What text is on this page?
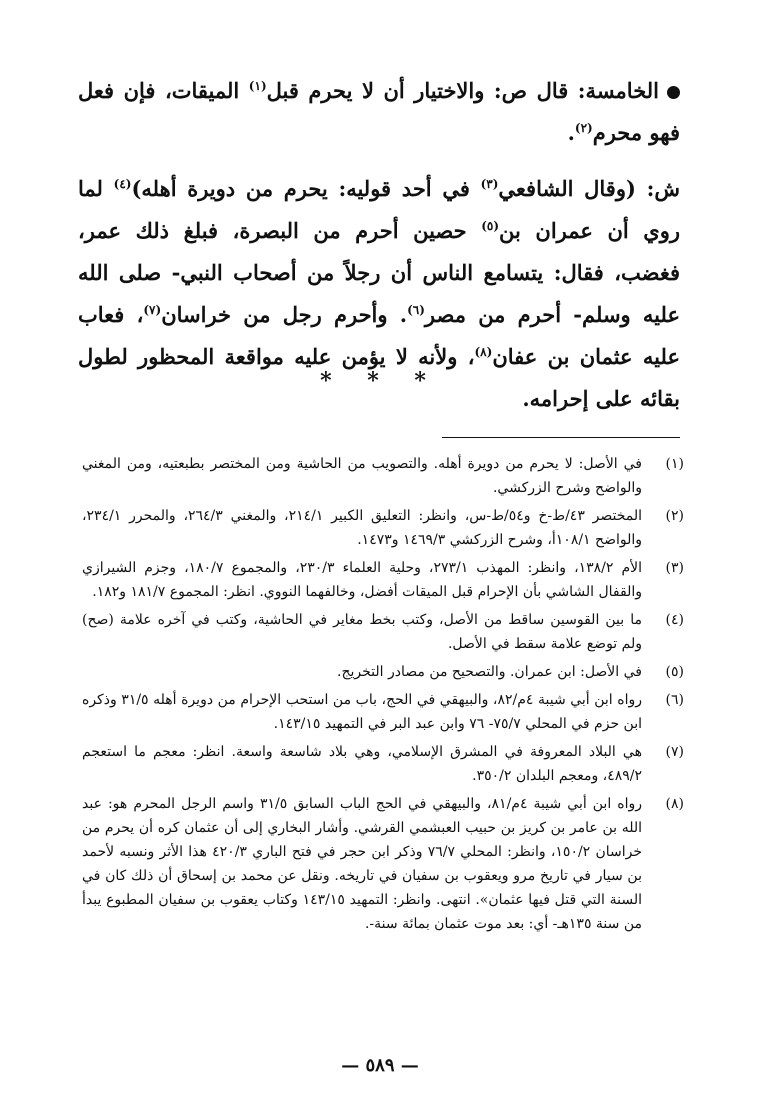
الخامسة: قال ص: والاختيار أن لا يحرم قبل$^{(١)}$ الميقات، فإن فعل فهو محرم$^{(٢)}$.

ش: (وقال الشافعي$^{(٣)}$ في أحد قوليه: يحرم من دويرة أهله)$^{(٤)}$ لما روي أن عمران بن$^{(٥)}$ حصين أحرم من البصرة، فبلغ ذلك عمر، فغضب، فقال: يتسامع الناس أن رجلاً من أصحاب النبي- صلى الله عليه وسلم- أحرم من مصر$^{(٦)}$. وأحرم رجل من خراسان$^{(٧)}$، فعاب عليه عثمان بن عفان$^{(٨)}$، ولأنه لا يؤمن عليه مواقعة المحظور لطول بقائه على إحرامه.

* * *
(١)
في الأصل: لا يحرم من دويرة أهله. والتصويب من الحاشية ومن المختصر بطبعتيه، ومن المغني والواضح وشرح الزركشي.
(٢)
المختصر ٤٣/ط-خ و٥٤/ط-س، وانظر: التعليق الكبير ٢١٤/١، والمغني ٢٦٤/٣، والمحرر ٢٣٤/١، والواضح ١٠٨/١أ، وشرح الزركشي ١٤٦٩/٣ و١٤٧٣.
(٣)
الأم ١٣٨/٢، وانظر: المهذب ٢٧٣/١، وحلية العلماء ٢٣٠/٣، والمجموع ١٨٠/٧، وجزم الشيرازي والقفال الشاشي بأن الإحرام قبل الميقات أفضل، وخالفهما النووي. انظر: المجموع ١٨١/٧ و١٨٢.
(٤)
ما بين القوسين ساقط من الأصل، وكتب بخط مغاير في الحاشية، وكتب في آخره علامة (صح) ولم توضع علامة سقط في الأصل.
(٥)
في الأصل: ابن عمران. والتصحيح من مصادر التخريج.
(٦)
رواه ابن أبي شيبة ٤م/٨٢، والبيهقي في الحج، باب من استحب الإحرام من دويرة أهله ٣١/٥ وذكره ابن حزم في المحلي ٧٥/٧- ٧٦ وابن عبد البر في التمهيد ١٤٣/١٥.
(٧)
هي البلاد المعروفة في المشرق الإسلامي، وهي بلاد شاسعة واسعة. انظر: معجم ما استعجم ٤٨٩/٢، ومعجم البلدان ٣٥٠/٢.
(٨)
رواه ابن أبي شيبة ٤م/٨١، والبيهقي في الحج الباب السابق ٣١/٥ واسم الرجل المحرم هو: عبد الله بن عامر بن كريز بن حبيب العبشمي القرشي. وأشار البخاري إلى أن عثمان كره أن يحرم من خراسان ١٥٠/٢، وانظر: المحلي ٧٦/٧ وذكر ابن حجر في فتح الباري ٤٢٠/٣ هذا الأثر ونسبه لأحمد بن سيار في تاريخ مرو ويعقوب بن سفيان في تاريخه. ونقل عن محمد بن إسحاق أن ذلك كان في السنة التي قتل فيها عثمان». انتهى. وانظر: التمهيد ١٤٣/١٥ وكتاب يعقوب بن سفيان المطبوع يبدأ من سنة ١٣٥هـ- أي: بعد موت عثمان بمائة سنة-.
— ٥٨٩ —
